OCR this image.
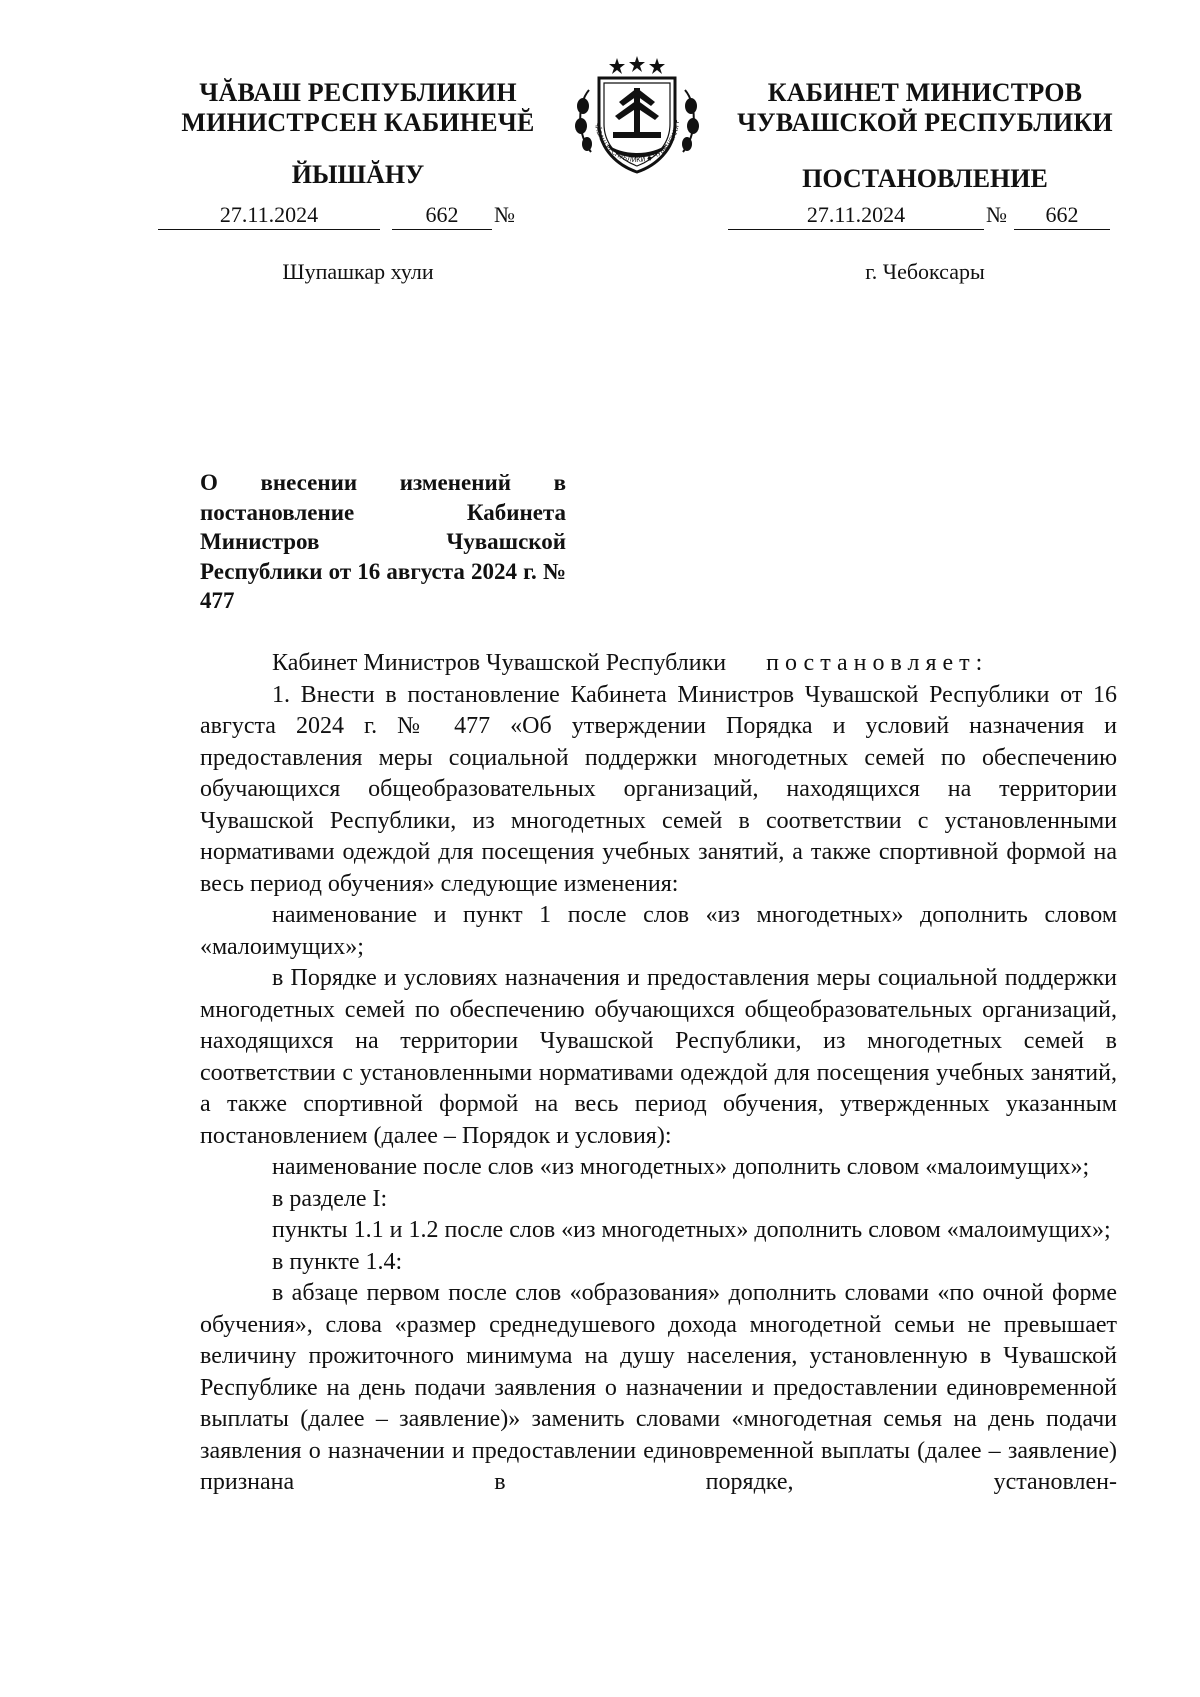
ЧĂВАШ РЕСПУБЛИКИН
МИНИСТРСЕН КАБИНЕЧĔ
ЙЫШĂНУ
27.11.2024	662	№
Шупашкар хули
ЧĂВАШ РЕСПУБЛИКИ ◆ ЧУВАШСКАЯ Р
КАБИНЕТ МИНИСТРОВ
ЧУВАШСКОЙ РЕСПУБЛИКИ
ПОСТАНОВЛЕНИЕ
27.11.2024	№	662
г. Чебоксары

О внесении изменений в постановление Кабинета Министров Чувашской Республики от 16 августа 2024 г. № 477

Кабинет Министров Чувашской Республики постановляет:

1. Внести в постановление Кабинета Министров Чувашской Республики от 16 августа 2024 г. № 477 «Об утверждении Порядка и условий назначения и предоставления меры социальной поддержки многодетных семей по обеспечению обучающихся общеобразовательных организаций, находящихся на территории Чувашской Республики, из многодетных семей в соответствии с установленными нормативами одеждой для посещения учебных занятий, а также спортивной формой на весь период обучения» следующие изменения:

наименование и пункт 1 после слов «из многодетных» дополнить словом «малоимущих»;

в Порядке и условиях назначения и предоставления меры социальной поддержки многодетных семей по обеспечению обучающихся общеобразовательных организаций, находящихся на территории Чувашской Республики, из многодетных семей в соответствии с установленными нормативами одеждой для посещения учебных занятий, а также спортивной формой на весь период обучения, утвержденных указанным постановлением (далее – Порядок и условия):

наименование после слов «из многодетных» дополнить словом «малоимущих»;

в разделе I:

пункты 1.1 и 1.2 после слов «из многодетных» дополнить словом «малоимущих»;

в пункте 1.4:

в абзаце первом после слов «образования» дополнить словами «по очной форме обучения», слова «размер среднедушевого дохода многодетной семьи не превышает величину прожиточного минимума на душу населения, установленную в Чувашской Республике на день подачи заявления о назначении и предоставлении единовременной выплаты (далее – заявление)» заменить словами «многодетная семья на день подачи заявления о назначении и предоставлении единовременной выплаты (далее – заявление) признана в порядке, установлен-
